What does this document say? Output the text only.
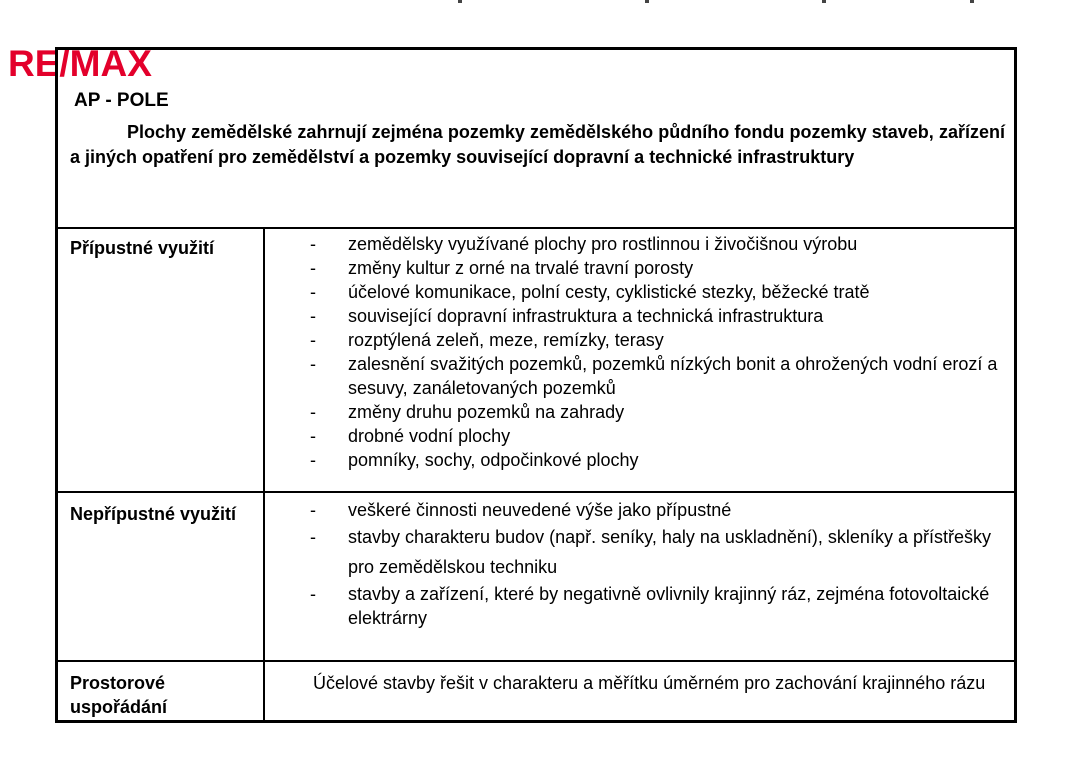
RE/MAX
AP - POLE
Plochy zemědělské zahrnují zejména pozemky zemědělského půdního fondu pozemky staveb, zařízení a jiných opatření pro zemědělství a pozemky související dopravní a technické infrastruktury
Přípustné využití	- zemědělsky využívané plochy pro rostlinnou i živočišnou výrobu
- změny kultur z orné na trvalé travní porosty
- účelové komunikace, polní cesty, cyklistické stezky, běžecké tratě
- související dopravní infrastruktura a technická infrastruktura
- rozptýlená zeleň, meze, remízky, terasy
- zalesnění svažitých pozemků, pozemků nízkých bonit a ohrožených vodní erozí a sesuvy, zanáletovaných pozemků
- změny druhu pozemků na zahrady
- drobné vodní plochy
- pomníky, sochy, odpočinkové plochy
Nepřípustné využití	- veškeré činnosti neuvedené výše jako přípustné
- stavby charakteru budov (např. seníky, haly na uskladnění), skleníky a přístřešky pro zemědělskou techniku
- stavby a zařízení, které by negativně ovlivnily krajinný ráz, zejména fotovoltaické elektrárny
Prostorové uspořádání
Účelové stavby řešit v charakteru a měřítku úměrném pro zachování krajinného rázu
